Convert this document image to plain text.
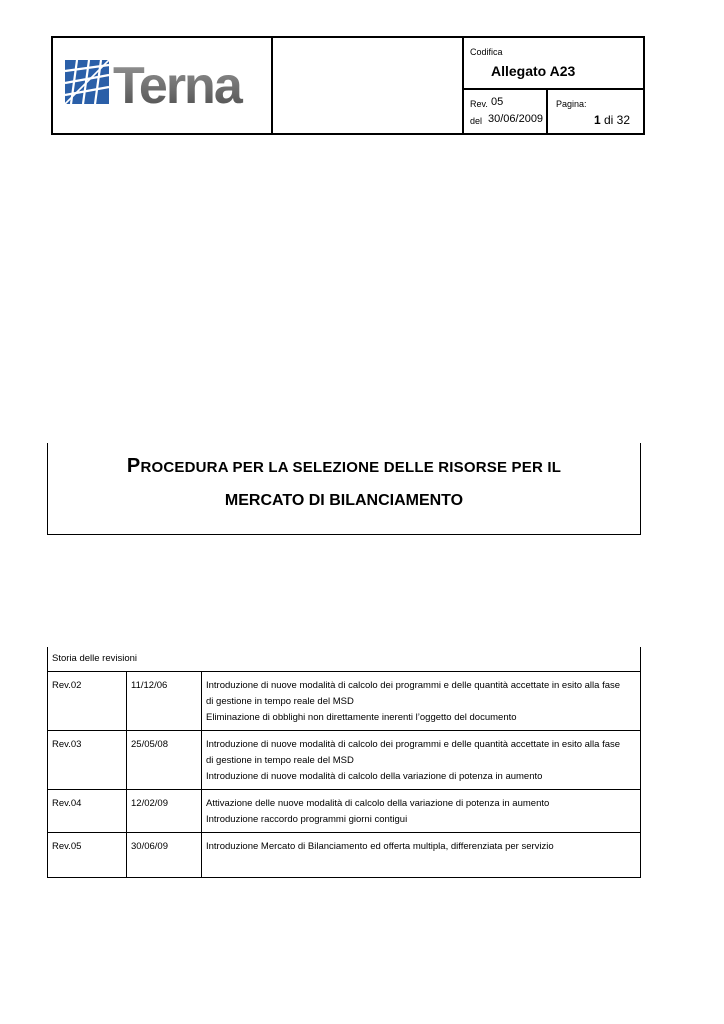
Terna
Codifica
Allegato A23
Rev. 05
del 30/06/2009
Pagina:
1 di 32
PROCEDURA PER LA SELEZIONE DELLE RISORSE PER IL
MERCATO DI BILANCIAMENTO
Storia delle revisioni		
Rev.02	11/12/06	Introduzione di nuove modalità di calcolo dei programmi e delle quantità accettate in esito alla fase
di gestione in tempo reale del MSD
Eliminazione di obblighi non direttamente inerenti l’oggetto del documento

Rev.03	25/05/08	Introduzione di nuove modalità di calcolo dei programmi e delle quantità accettate in esito alla fase
di gestione in tempo reale del MSD
Introduzione di nuove modalità di calcolo della variazione di potenza in aumento

Rev.04	12/02/09	Attivazione delle nuove modalità di calcolo della variazione di potenza in aumento
Introduzione raccordo programmi giorni contigui

Rev.05	30/06/09	Introduzione Mercato di Bilanciamento ed offerta multipla, differenziata per servizio
